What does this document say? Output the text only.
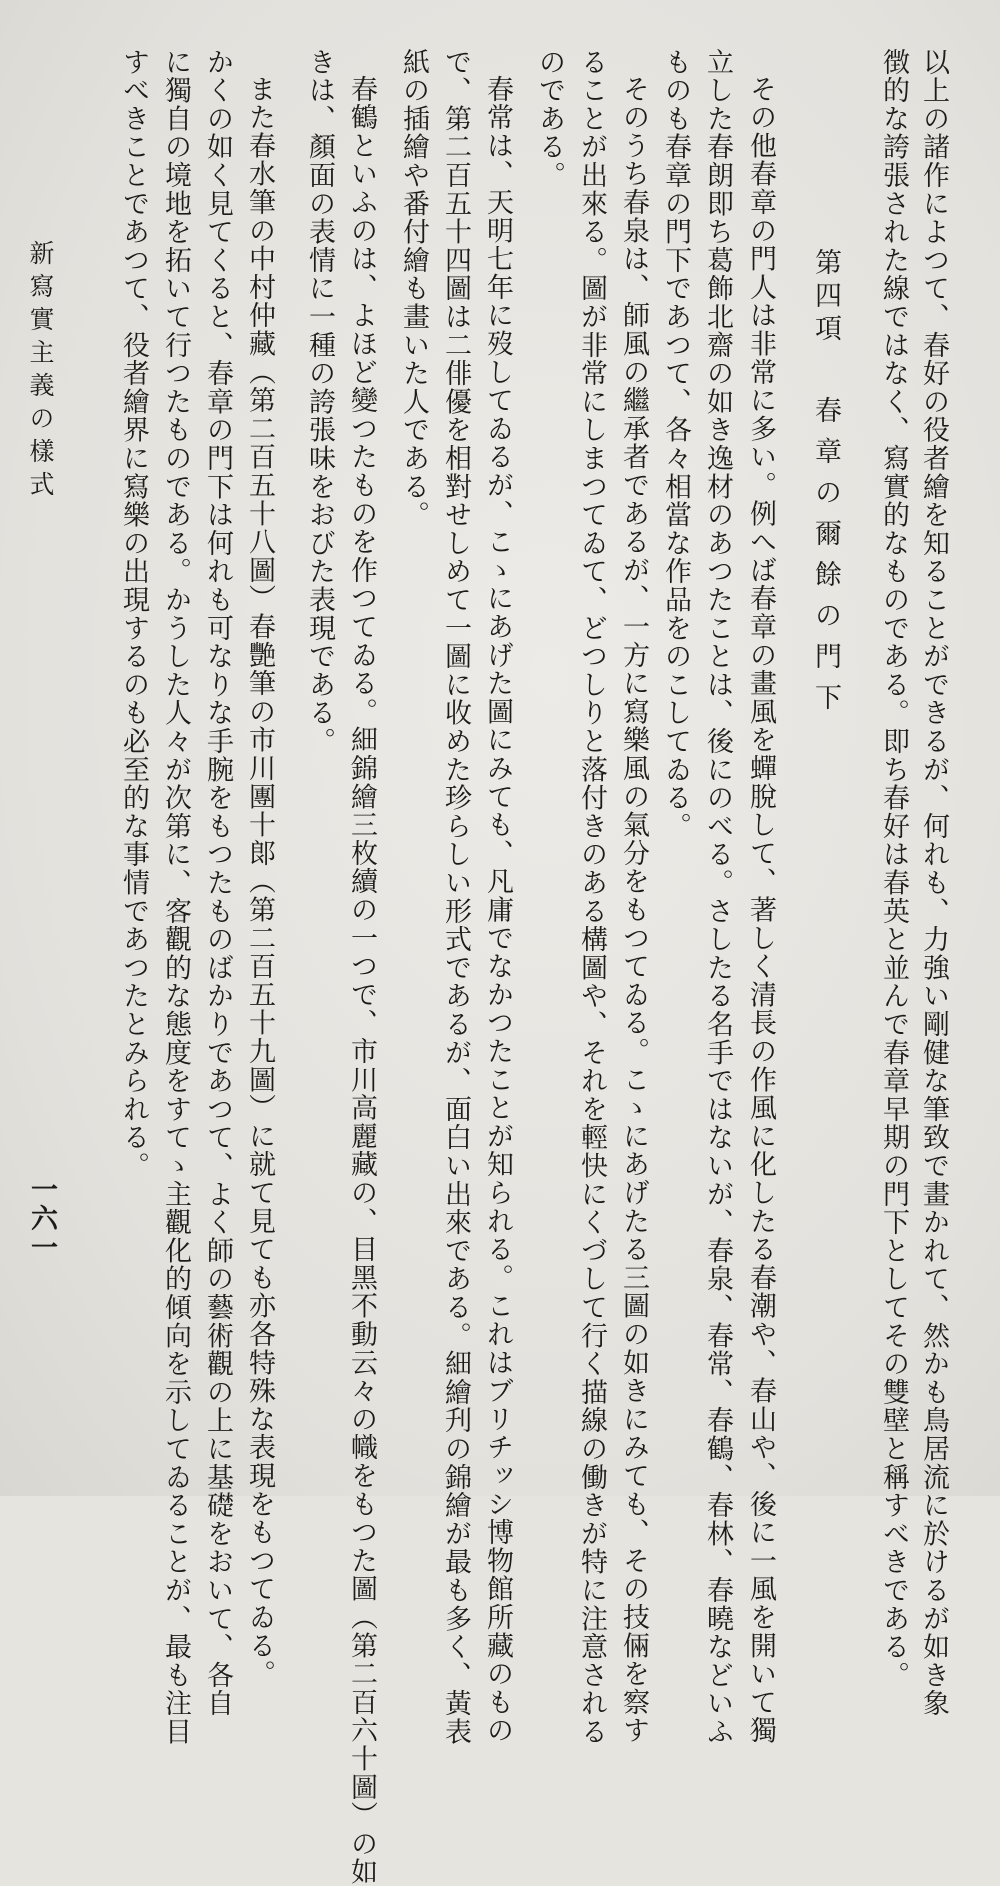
以上の諸作によつて、春好の役者繪を知ることができるが、何れも、力強い剛健な筆致で畫かれて、然かも鳥居流に於けるが如き象
徴的な誇張された線ではなく、寫實的なものである。即ち春好は春英と並んで春章早期の門下としてその雙壁と稱すべきである。
第四項 春章の爾餘の門下
その他春章の門人は非常に多い。例へば春章の畫風を蟬脫して、著しく清長の作風に化したる春潮や、春山や、後に一風を開いて獨
立した春朗即ち葛飾北齋の如き逸材のあつたことは、後にのべる。さしたる名手ではないが、春泉、春常、春鶴、春林、春曉などいふ
ものも春章の門下であつて、各々相當な作品をのこしてゐる。
そのうち春泉は、師風の繼承者であるが、一方に寫樂風の氣分をもつてゐる。こゝにあげたる三圖の如きにみても、その技倆を察す
ることが出來る。圖が非常にしまつてゐて、どつしりと落付きのある構圖や、それを輕快にくづして行く描線の働きが特に注意される
のである。
春常は、天明七年に歿してゐるが、こゝにあげた圖にみても、凡庸でなかつたことが知られる。これはブリチッシ博物館所藏のもの
で、第二百五十四圖は二俳優を相對せしめて一圖に收めた珍らしい形式であるが、面白い出來である。細繪刋の錦繪が最も多く、黃表
紙の插繪や番付繪も畫いた人である。
春鶴といふのは、よほど變つたものを作つてゐる。細錦繪三枚續の一つで、市川高麗藏の、目黑不動云々の幟をもつた圖（第二百六十圖）の如
きは、顏面の表情に一種の誇張味をおびた表現である。
また春水筆の中村仲藏（第二百五十八圖）春艷筆の市川團十郞（第二百五十九圖）に就て見ても亦各特殊な表現をもつてゐる。
かくの如く見てくると、春章の門下は何れも可なりな手腕をもつたものばかりであつて、よく師の藝術觀の上に基礎をおいて、各自
に獨自の境地を拓いて行つたものである。かうした人々が次第に、客觀的な態度をすてゝ主觀化的傾向を示してゐることが、最も注目
すべきことであつて、役者繪界に寫樂の出現するのも必至的な事情であつたとみられる。
新寫實主義の樣式
一六一
